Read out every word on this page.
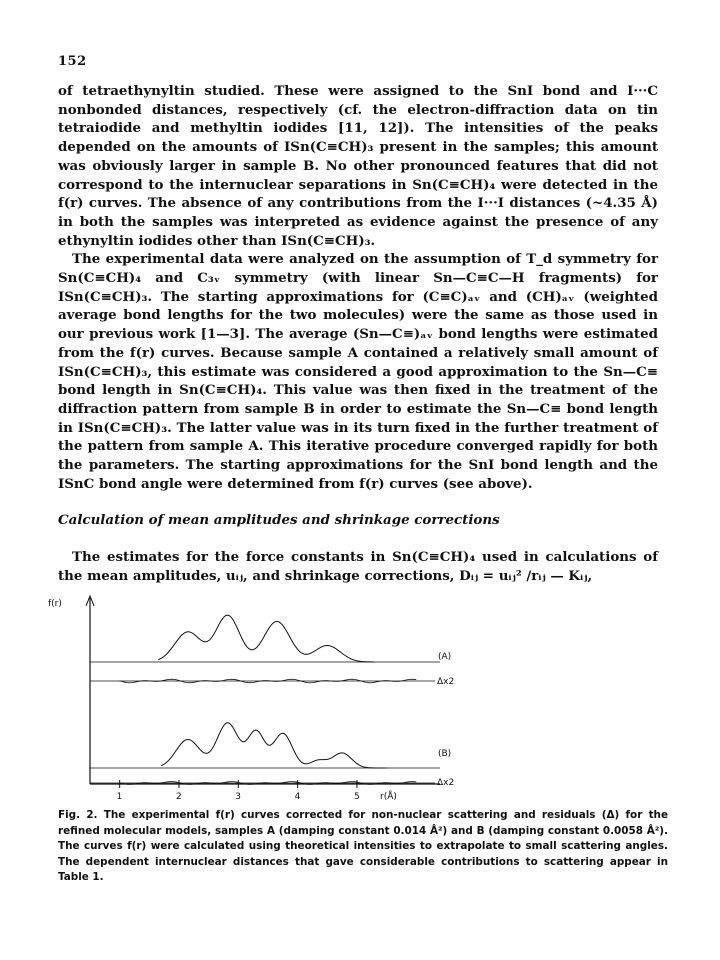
152

of tetraethynyltin studied. These were assigned to the SnI bond and I···C nonbonded distances, respectively (cf. the electron-diffraction data on tin tetraiodide and methyltin iodides [11, 12]). The intensities of the peaks depended on the amounts of ISn(C≡CH)₃ present in the samples; this amount was obviously larger in sample B. No other pronounced features that did not correspond to the internuclear separations in Sn(C≡CH)₄ were detected in the f(r) curves. The absence of any contributions from the I···I distances (~4.35 Å) in both the samples was interpreted as evidence against the presence of any ethynyltin iodides other than ISn(C≡CH)₃.

The experimental data were analyzed on the assumption of T_d symmetry for Sn(C≡CH)₄ and C₃ᵥ symmetry (with linear Sn—C≡C—H fragments) for ISn(C≡CH)₃. The starting approximations for (C≡C)ₐᵥ and (CH)ₐᵥ (weighted average bond lengths for the two molecules) were the same as those used in our previous work [1—3]. The average (Sn—C≡)ₐᵥ bond lengths were estimated from the f(r) curves. Because sample A contained a relatively small amount of ISn(C≡CH)₃, this estimate was considered a good approximation to the Sn—C≡ bond length in Sn(C≡CH)₄. This value was then fixed in the treatment of the diffraction pattern from sample B in order to estimate the Sn—C≡ bond length in ISn(C≡CH)₃. The latter value was in its turn fixed in the further treatment of the pattern from sample A. This iterative procedure converged rapidly for both the parameters. The starting approximations for the SnI bond length and the ISnC bond angle were determined from f(r) curves (see above).

Calculation of mean amplitudes and shrinkage corrections

The estimates for the force constants in Sn(C≡CH)₄ used in calculations of the mean amplitudes, uᵢⱼ, and shrinkage corrections, Dᵢⱼ = uᵢⱼ² /rᵢⱼ — Kᵢⱼ,

f(r)
(A)
Δx2
(B)
Δx2
1	2	3	4	5 r(Å)

Fig. 2. The experimental f(r) curves corrected for non-nuclear scattering and residuals (Δ) for the refined molecular models, samples A (damping constant 0.014 Å²) and B (damping constant 0.0058 Å²). The curves f(r) were calculated using theoretical intensities to extrapolate to small scattering angles. The dependent internuclear distances that gave considerable contributions to scattering appear in Table 1.
